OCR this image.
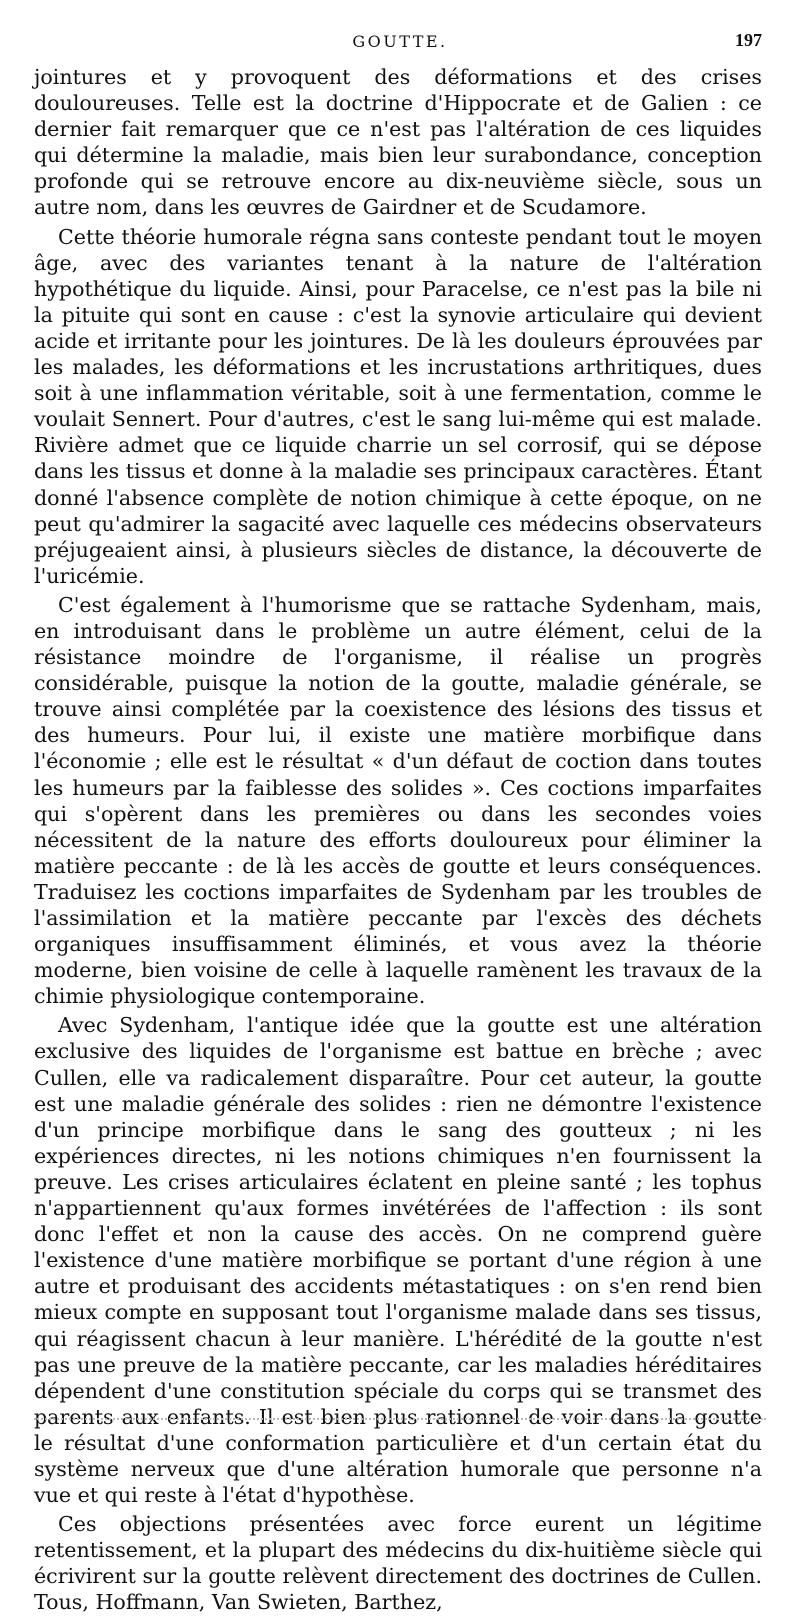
GOUTTE.	197

jointures et y provoquent des déformations et des crises douloureuses. Telle est la doctrine d'Hippocrate et de Galien : ce dernier fait remarquer que ce n'est pas l'altération de ces liquides qui détermine la maladie, mais bien leur surabondance, conception profonde qui se retrouve encore au dix-neuvième siècle, sous un autre nom, dans les œuvres de Gairdner et de Scudamore.

Cette théorie humorale régna sans conteste pendant tout le moyen âge, avec des variantes tenant à la nature de l'altération hypothétique du liquide. Ainsi, pour Paracelse, ce n'est pas la bile ni la pituite qui sont en cause : c'est la synovie articulaire qui devient acide et irritante pour les jointures. De là les douleurs éprouvées par les malades, les déformations et les incrustations arthritiques, dues soit à une inflammation véritable, soit à une fermentation, comme le voulait Sennert. Pour d'autres, c'est le sang lui-même qui est malade. Rivière admet que ce liquide charrie un sel corrosif, qui se dépose dans les tissus et donne à la maladie ses principaux caractères. Étant donné l'absence complète de notion chimique à cette époque, on ne peut qu'admirer la sagacité avec laquelle ces médecins observateurs préjugeaient ainsi, à plusieurs siècles de distance, la découverte de l'uricémie.

C'est également à l'humorisme que se rattache Sydenham, mais, en introduisant dans le problème un autre élément, celui de la résistance moindre de l'organisme, il réalise un progrès considérable, puisque la notion de la goutte, maladie générale, se trouve ainsi complétée par la coexistence des lésions des tissus et des humeurs. Pour lui, il existe une matière morbifique dans l'économie ; elle est le résultat « d'un défaut de coction dans toutes les humeurs par la faiblesse des solides ». Ces coctions imparfaites qui s'opèrent dans les premières ou dans les secondes voies nécessitent de la nature des efforts douloureux pour éliminer la matière peccante : de là les accès de goutte et leurs conséquences. Traduisez les coctions imparfaites de Sydenham par les troubles de l'assimilation et la matière peccante par l'excès des déchets organiques insuffisamment éliminés, et vous avez la théorie moderne, bien voisine de celle à laquelle ramènent les travaux de la chimie physiologique contemporaine.

Avec Sydenham, l'antique idée que la goutte est une altération exclusive des liquides de l'organisme est battue en brèche ; avec Cullen, elle va radicalement disparaître. Pour cet auteur, la goutte est une maladie générale des solides : rien ne démontre l'existence d'un principe morbifique dans le sang des goutteux ; ni les expériences directes, ni les notions chimiques n'en fournissent la preuve. Les crises articulaires éclatent en pleine santé ; les tophus n'appartiennent qu'aux formes invétérées de l'affection : ils sont donc l'effet et non la cause des accès. On ne comprend guère l'existence d'une matière morbifique se portant d'une région à une autre et produisant des accidents métastatiques : on s'en rend bien mieux compte en supposant tout l'organisme malade dans ses tissus, qui réagissent chacun à leur manière. L'hérédité de la goutte n'est pas une preuve de la matière peccante, car les maladies héréditaires dépendent d'une constitution spéciale du corps qui se transmet des parents aux enfants. Il est bien plus rationnel de voir dans la goutte le résultat d'une conformation particulière et d'un certain état du système nerveux que d'une altération humorale que personne n'a vue et qui reste à l'état d'hypothèse.

Ces objections présentées avec force eurent un légitime retentissement, et la plupart des médecins du dix-huitième siècle qui écrivirent sur la goutte relèvent directement des doctrines de Cullen. Tous, Hoffmann, Van Swieten, Barthez,
